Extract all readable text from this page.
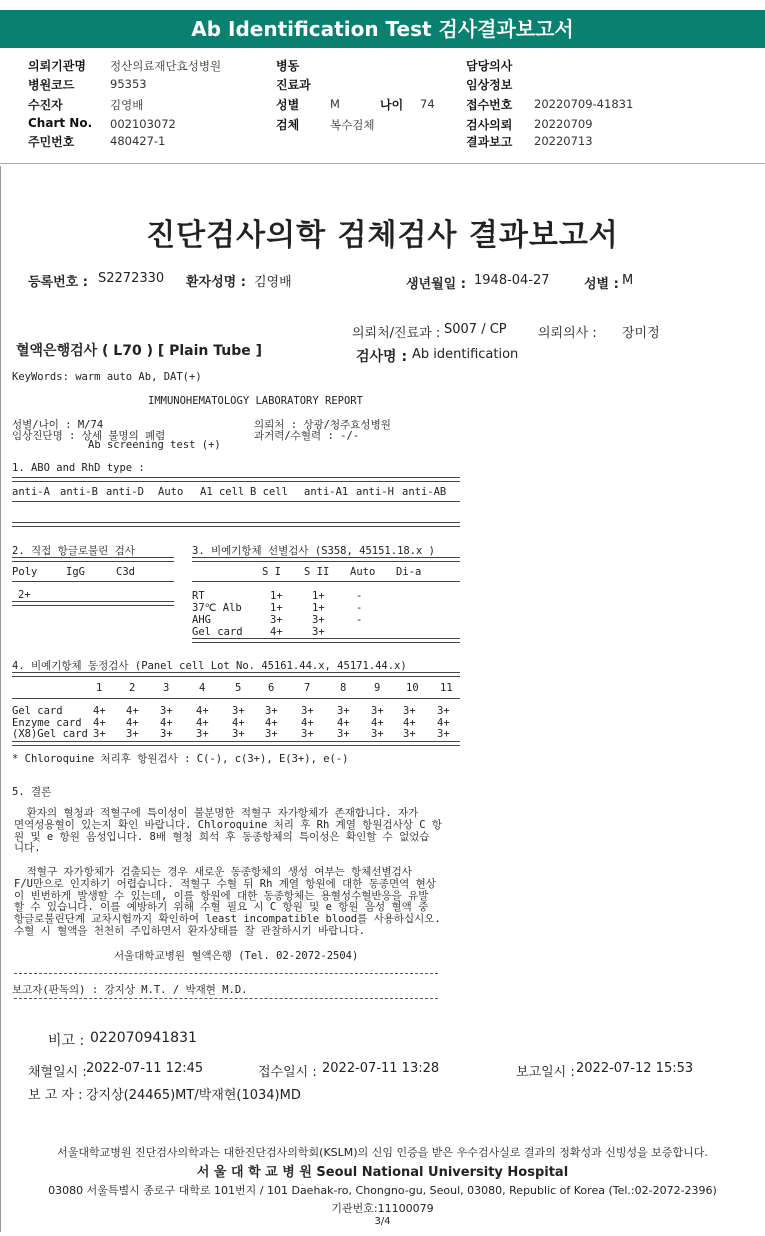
Ab Identification Test 검사결과보고서
의뢰기관명 정산의료재단효성병원
병원코드	95353
수진자	김영배
Chart No. 002103072
주민번호	480427-1
병동
진료과
성별	M
검체	복수검체
담당의사
임상정보
접수번호 20220709-41831
검사의뢰 20220709
결과보고 20220713
나이 74
진단검사의학 검체검사 결과보고서
등록번호 : S2272330 환자성명 : 김영배	생년월일 : 1948-04-27	성별 : M
의뢰처/진료과 : S007 / CP 의뢰의사 : 장미정
혈액은행검사 ( L70 ) [ Plain Tube ]	검사명 : Ab identification
KeyWords: warm auto Ab, DAT(+)
IMMUNOHEMATOLOGY LABORATORY REPORT
성별/나이 : M/74
임상진단명 : 상세 불명의 폐렴
Ab screening test (+)
의뢰처 : 상광/청주효성병원
과거력/수혈력 : -/-
1. ABO and RhD type :
anti-A anti-B anti-D Auto A1 cell B cell anti-A1 anti-H anti-AB
2. 직접 항글로불린 검사
Poly	IgG	C3d
2+
3. 비예기항체 선별검사 (S358, 45151.18.x )
S I S II Auto Di-a
RT	1+	1+	-
37℃ Alb	1+	1+	-
AHG	3+	3+	-
Gel card	4+	3+
4. 비예기항체 동정검사 (Panel cell Lot No. 45161.44.x, 45171.44.x)
1	2	3	4	5	6	7	8	9 10 11
Gel card	4+ 4+ 3+ 4+ 3+ 3+ 3+ 3+ 3+ 3+ 3+
Enzyme card 4+ 4+ 4+ 4+ 4+ 4+ 4+ 4+ 4+ 4+ 4+
(X8)Gel card 3+ 3+ 3+ 3+ 3+ 3+ 3+ 3+ 3+ 3+ 3+
* Chloroquine 처리후 항원검사 : C(-), c(3+), E(3+), e(-)
5. 결론
환자의 혈청과 적혈구에 특이성이 불분명한 적혈구 자가항체가 존재합니다. 자가
면역성용혈이 있는지 확인 바랍니다. Chloroquine 처리 후 Rh 계열 항원검사상 C 항
원 및 e 항원 음성입니다. 8배 혈청 희석 후 동종항체의 특이성은 확인할 수 없었습
니다.
적혈구 자가항체가 검출되는 경우 새로운 동종항체의 생성 여부는 항체선별검사
F/U만으로 인지하기 어렵습니다. 적혈구 수혈 뒤 Rh 계열 항원에 대한 동종면역 현상
이 빈번하게 발생할 수 있는데, 이를 항원에 대한 동종항체는 용혈성수혈반응을 유발
할 수 있습니다. 이를 예방하기 위해 수혈 필요 시 C 항원 및 e 항원 음성 혈액 중
항글로불린단계 교차시험까지 확인하여 least incompatible blood를 사용하십시오.
수혈 시 혈액을 천천히 주입하면서 환자상태를 잘 관찰하시기 바랍니다.
서울대학교병원 혈액은행 (Tel. 02-2072-2504)
보고자(판독의) : 강지상 M.T. / 박재현 M.D.
비고 : 022070941831
채혈일시 : 2022-07-11 12:45	접수일시 : 2022-07-11 13:28	보고일시 : 2022-07-12 15:53
보 고 자 : 강지상(24465)MT/박재현(1034)MD
서울대학교병원 진단검사의학과는 대한진단검사의학회(KSLM)의 신임 인증을 받은 우수검사실로 결과의 정확성과 신빙성을 보증합니다.
서 울 대 학 교 병 원 Seoul National University Hospital
03080 서울특별시 종로구 대학로 101번지 / 101 Daehak-ro, Chongno-gu, Seoul, 03080, Republic of Korea (Tel.:02-2072-2396)
기관번호:11100079
3/4
